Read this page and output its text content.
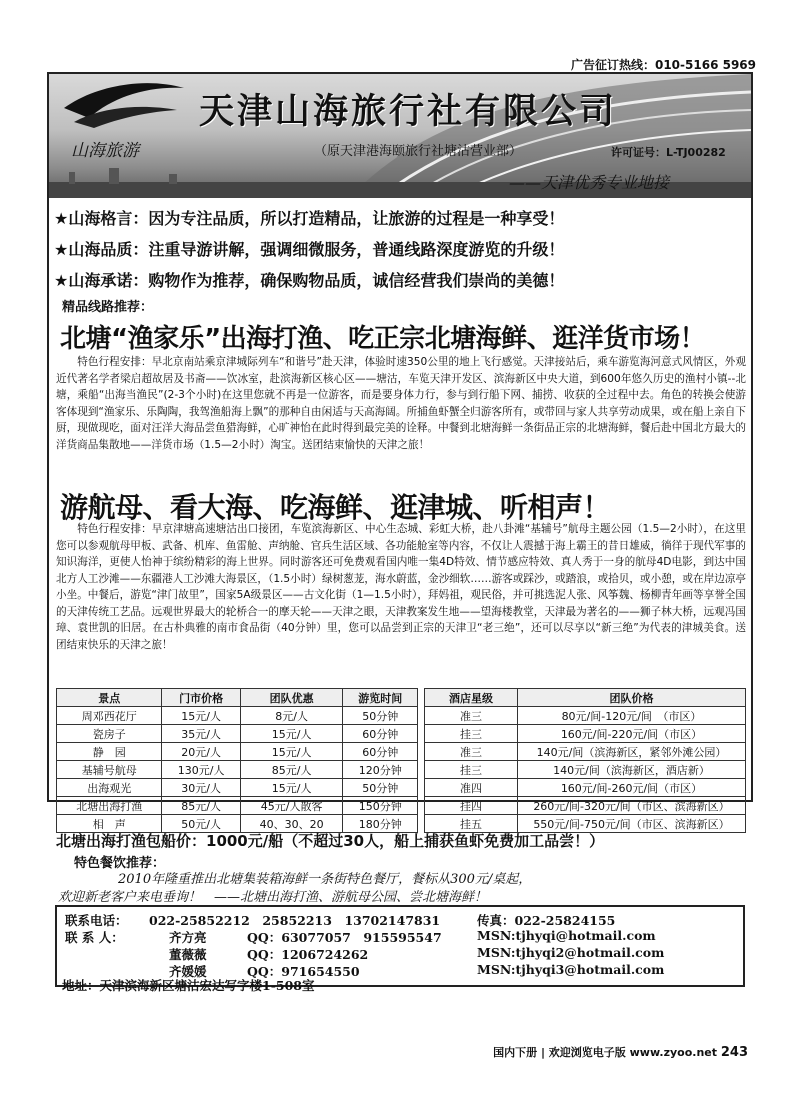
广告征订热线：010-5166 5969
天津山海旅行社有限公司
山海旅游	（原天津港海颐旅行社塘沽营业部）	许可证号：L-TJ00282
——天津优秀专业地接
★山海格言：因为专注品质，所以打造精品，让旅游的过程是一种享受！
★山海品质：注重导游讲解，强调细微服务，普通线路深度游览的升级！
★山海承诺：购物作为推荐，确保购物品质，诚信经营我们崇尚的美德！
精品线路推荐：
北塘“渔家乐”出海打渔、吃正宗北塘海鲜、逛洋货市场！
特色行程安排：早北京南站乘京津城际列车“和谐号”赴天津，体验时速350公里的地上飞行感觉。天津接站后，乘车游览海河意式风情区，外观近代著名学者梁启超故居及书斋——饮冰室，赴滨海新区核心区——塘沽，车览天津开发区、滨海新区中央大道，到600年悠久历史的渔村小镇--北塘，乘船“出海当渔民”(2-3个小时)在这里您就不再是一位游客，而是要身体力行，参与到行船下网、捕捞、收获的全过程中去。角色的转换会使游客体现到“渔家乐、乐陶陶，我驾渔船海上飘”的那种自由闲适与天高海阔。所捕鱼虾蟹全归游客所有，或带回与家人共享劳动成果，或在船上亲自下厨，现做现吃，面对汪洋大海品尝鱼猎海鲜，心旷神怡在此时得到最完美的诠释。中餐到北塘海鲜一条街品正宗的北塘海鲜，餐后赴中国北方最大的洋货商品集散地——洋货市场（1.5—2小时）淘宝。送团结束愉快的天津之旅！
游航母、看大海、吃海鲜、逛津城、听相声！
特色行程安排：早京津塘高速塘沽出口接团，车览滨海新区、中心生态城、彩虹大桥，赴八卦滩“基辅号”航母主题公园（1.5—2小时），在这里您可以参观航母甲板、武备、机库、鱼雷舱、声纳舱、官兵生活区域、各功能舱室等内容，不仅让人震撼于海上霸王的昔日雄威，徜徉于现代军事的知识海洋，更使人怡神于缤纷精彩的海上世界。同时游客还可免费观看国内唯一集4D特效、情节感应特效、真人秀于一身的航母4D电影，到达中国北方人工沙滩——东疆港人工沙滩大海景区，（1.5小时）绿树葱茏，海水蔚蓝，金沙细软……游客或踩沙，或踏浪，或拾贝，或小憩，或在岸边凉亭小坐。中餐后，游览“津门故里”，国家5A级景区——古文化街（1—1.5小时），拜妈祖，观民俗，并可挑选泥人张、风筝魏、杨柳青年画等享誉全国的天津传统工艺品。远观世界最大的轮桥合一的摩天轮——天津之眼，天津教案发生地——望海楼教堂，天津最为著名的——狮子林大桥，远观冯国璋、袁世凯的旧居。在古朴典雅的南市食品街（40分钟）里，您可以品尝到正宗的天津卫“老三绝”，还可以尽享以“新三绝”为代表的津城美食。送团结束快乐的天津之旅！
景点	门市价格	团队优惠	游览时间
周邓西花厅	15元/人	8元/人	50分钟
瓷房子	35元/人	15元/人	60分钟
静　园	20元/人	15元/人	60分钟
基辅号航母	130元/人	85元/人	120分钟
出海观光	30元/人	15元/人	50分钟
北塘出海打渔	85元/人	45元/人散客	150分钟
相　声	50元/人	40、30、20	180分钟
酒店星级	团队价格
准三	80元/间-120元/间　（市区）
挂三	160元/间-220元/间（市区）
准三	140元/间（滨海新区，紧邻外滩公园）
挂三	140元/间（滨海新区，酒店新）
准四	160元/间-260元/间（市区）
挂四	260元/间-320元/间（市区、滨海新区）
挂五	550元/间-750元/间（市区、滨海新区）
北塘出海打渔包船价：1000元/船（不超过30人，船上捕获鱼虾免费加工品尝！）
特色餐饮推荐：
2010年隆重推出北塘集装箱海鲜一条街特色餐厅，餐标从300元/桌起，
欢迎新老客户来电垂询！　——北塘出海打渔、游航母公园、尝北塘海鲜！
联系电话： 022-25852212　25852213　13702147831	传真：022-25824155
联 系 人：	齐方亮	QQ：63077057　915595547	MSN:tjhyqi@hotmail.com
董薇薇	QQ：1206724262	MSN:tjhyqi2@hotmail.com
齐媛媛	QQ：971654550	MSN:tjhyqi3@hotmail.com
地址：天津滨海新区塘沽宏达写字楼1-508室
国内下册 | 欢迎浏览电子版 www.zyoo.net 243
